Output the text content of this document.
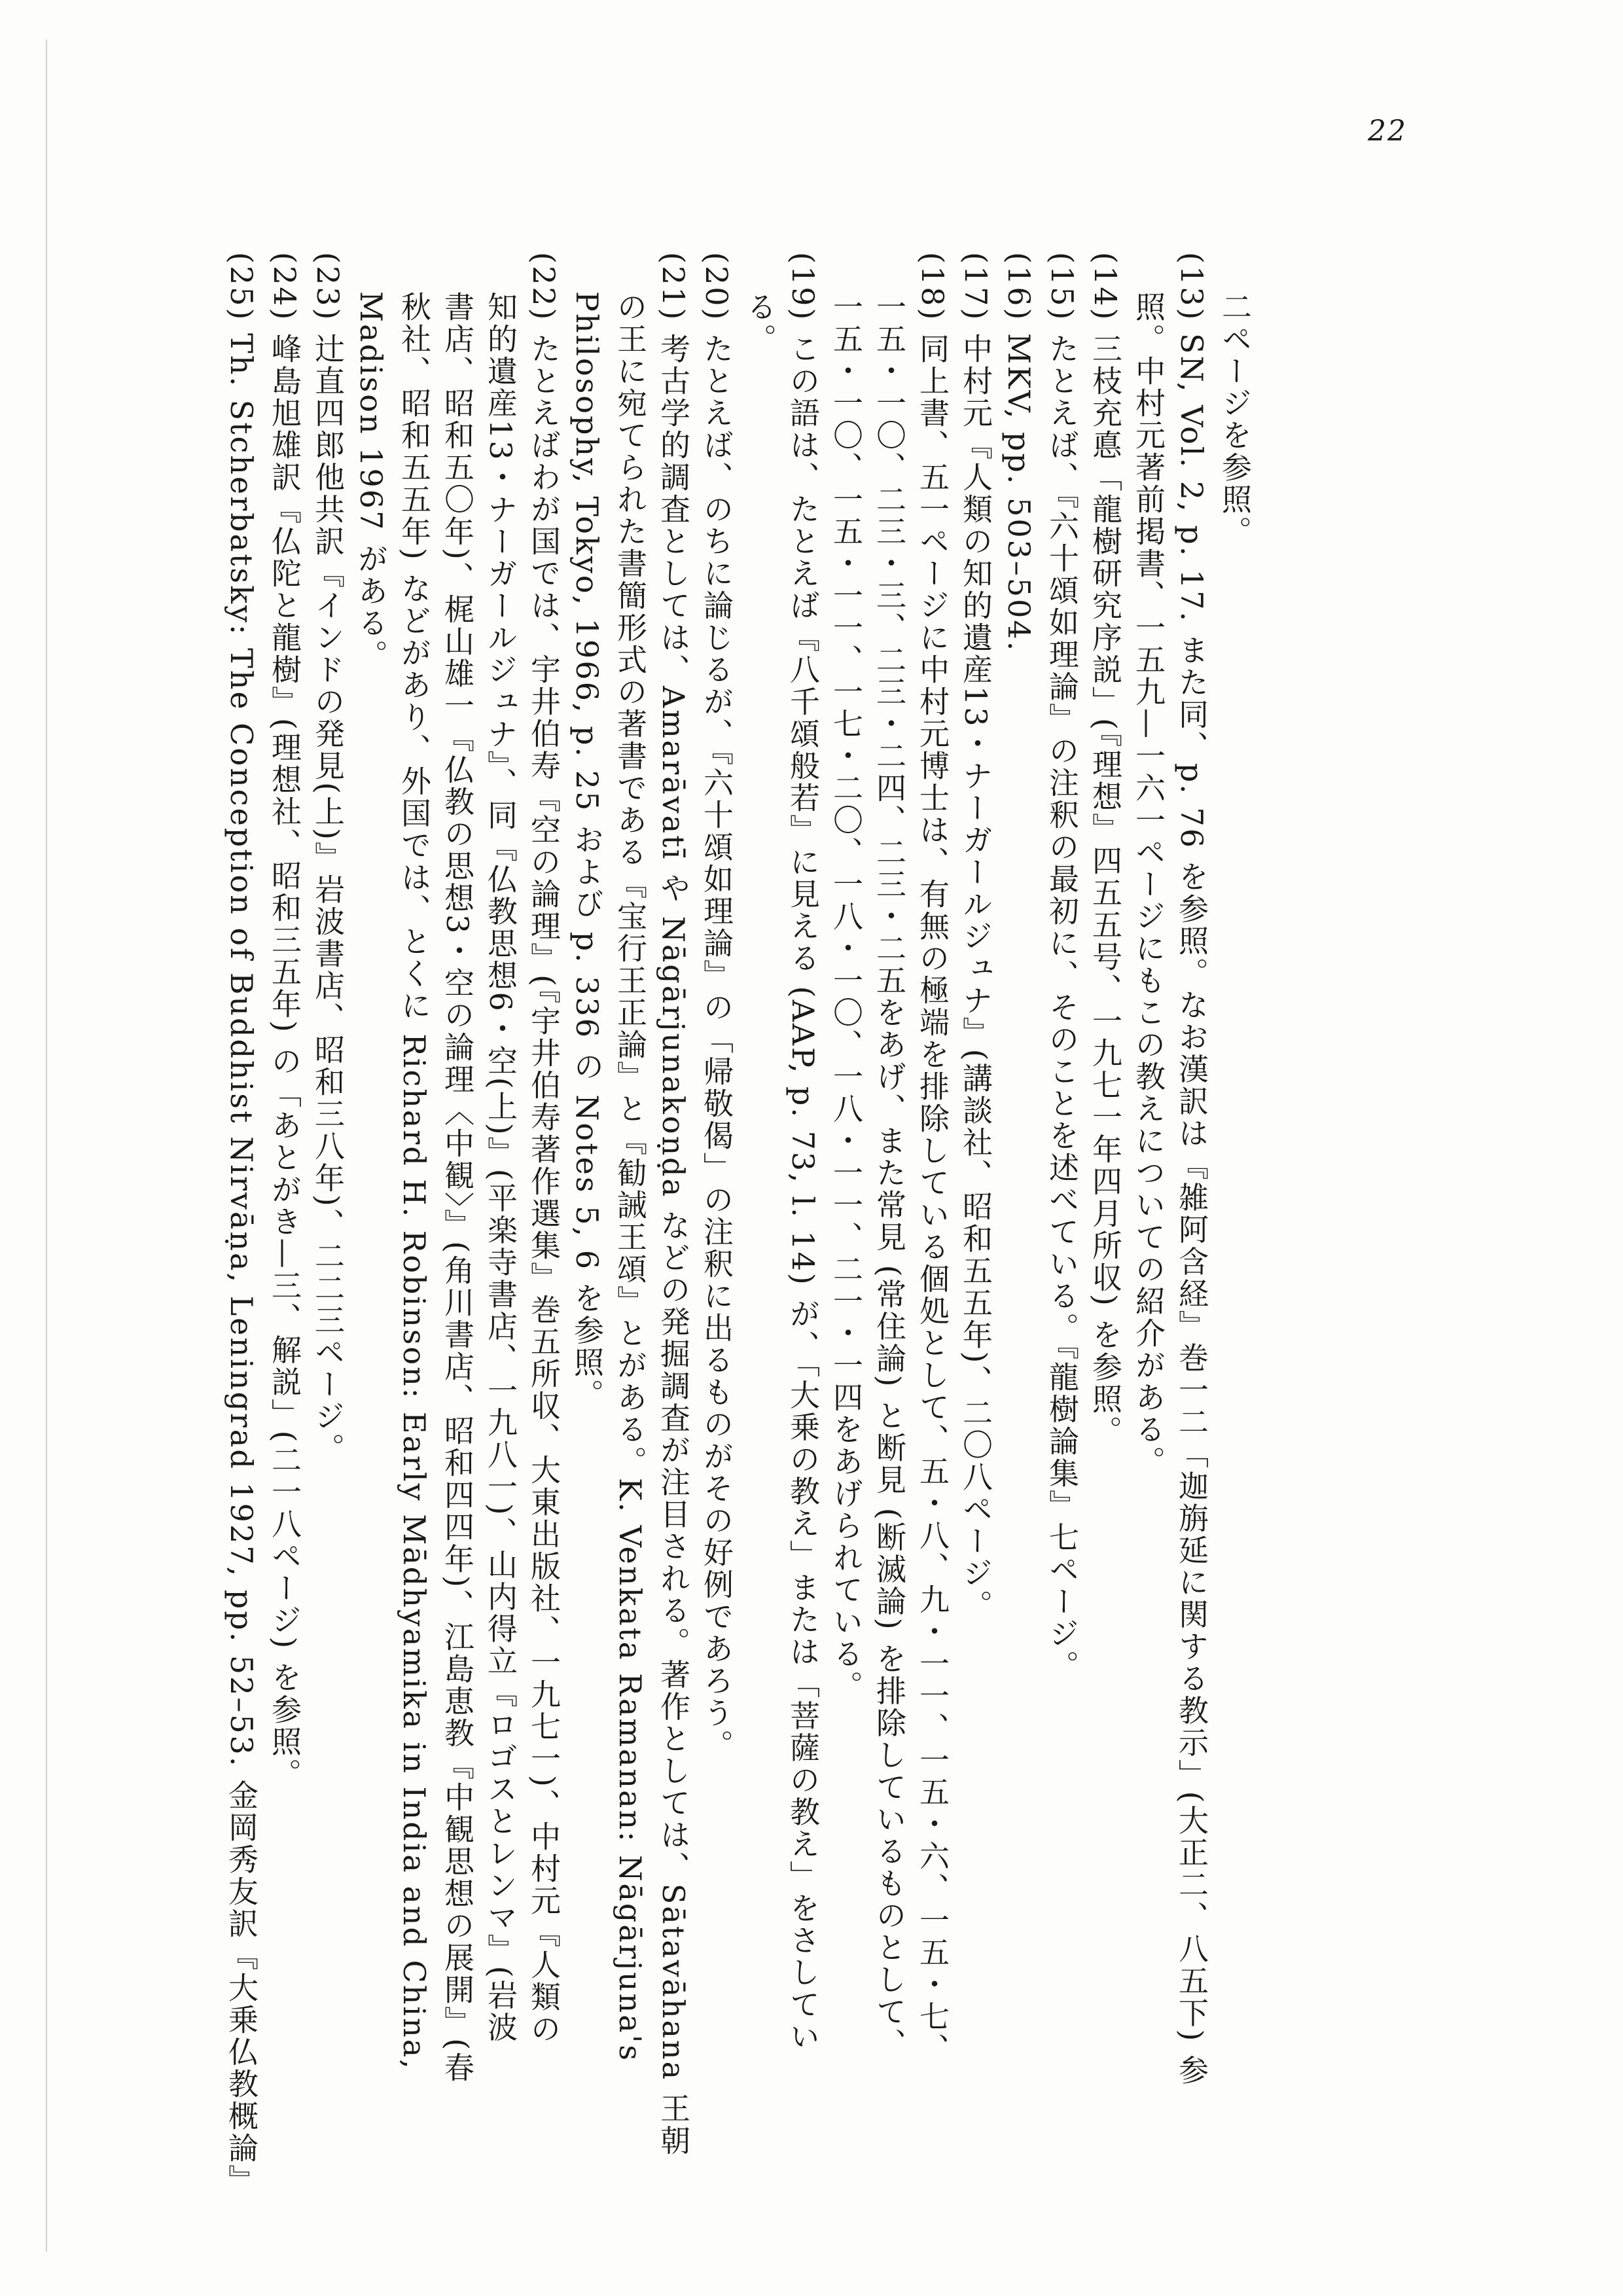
22
二ページを参照。
(13) SN, Vol. 2, p. 17. また同、p. 76 を参照。なお漢訳は『雑阿含経』巻一二「迦旃延に関する教示」(大正二、八五下) 参
照。中村元著前掲書、一五九—一六一ページにもこの教えについての紹介がある。
(14) 三枝充悳「龍樹研究序説」(『理想』四五五号、一九七一年四月所収) を参照。
(15) たとえば、『六十頌如理論』の注釈の最初に、そのことを述べている。『龍樹論集』七ページ。
(16) MKV, pp. 503–504.
(17) 中村元『人類の知的遺産13・ナーガールジュナ』(講談社、昭和五五年)、二〇八ページ。
(18) 同上書、五一ページに中村元博士は、有無の極端を排除している個処として、五・八、九・一一、一五・六、一五・七、
一五・一〇、二三・三、二三・二四、二三・二五をあげ、また常見 (常住論) と断見 (断滅論) を排除しているものとして、
一五・一〇、一五・一一、一七・二〇、一八・一〇、一八・一一、二一・一四をあげられている。
(19) この語は、たとえば『八千頌般若』に見える (AAP, p. 73, l. 14) が、「大乗の教え」または「菩薩の教え」をさしてい
る。
(20) たとえば、のちに論じるが、『六十頌如理論』の「帰敬偈」の注釈に出るものがその好例であろう。
(21) 考古学的調査としては、Amarāvatī や Nāgārjunakoṇḍa などの発掘調査が注目される。著作としては、Sātavāhana 王朝
の王に宛てられた書簡形式の著書である『宝行王正論』と『勧誡王頌』とがある。K. Venkata Ramanan: Nāgārjuna's
Philosophy, Tokyo, 1966, p. 25 および p. 336 の Notes 5, 6 を参照。
(22) たとえばわが国では、宇井伯寿『空の論理』(『宇井伯寿著作選集』巻五所収、大東出版社、一九七一)、中村元『人類の
知的遺産13・ナーガールジュナ』、同『仏教思想6・空(上)』(平楽寺書店、一九八一)、山内得立『ロゴスとレンマ』(岩波
書店、昭和五〇年)、梶山雄一『仏教の思想3・空の論理〈中観〉』(角川書店、昭和四四年)、江島恵教『中観思想の展開』(春
秋社、昭和五五年) などがあり、外国では、とくに Richard H. Robinson: Early Mādhyamika in India and China,
Madison 1967 がある。
(23) 辻直四郎他共訳『インドの発見(上)』岩波書店、昭和三八年)、二二三ページ。
(24) 峰島旭雄訳『仏陀と龍樹』(理想社、昭和三五年) の「あとがき—三、解説」(二一八ページ) を参照。
(25) Th. Stcherbatsky: The Conception of Buddhist Nirvāṇa, Leningrad 1927, pp. 52–53. 金岡秀友訳『大乗仏教概論』
